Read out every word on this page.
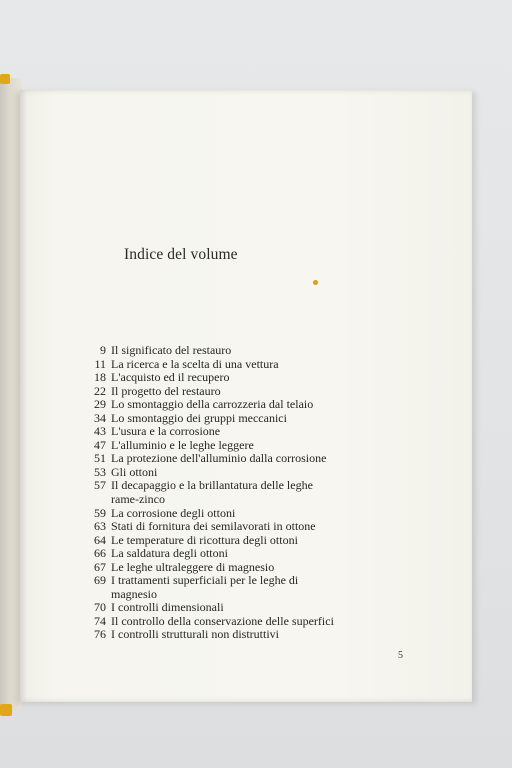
Indice del volume
9 Il significato del restauro
11 La ricerca e la scelta di una vettura
18 L'acquisto ed il recupero
22 Il progetto del restauro
29 Lo smontaggio della carrozzeria dal telaio
34 Lo smontaggio dei gruppi meccanici
43 L'usura e la corrosione
47 L'alluminio e le leghe leggere
51 La protezione dell'alluminio dalla corrosione
53 Gli ottoni
57 Il decapaggio e la brillantatura delle leghe
rame-zinco
59 La corrosione degli ottoni
63 Stati di fornitura dei semilavorati in ottone
64 Le temperature di ricottura degli ottoni
66 La saldatura degli ottoni
67 Le leghe ultraleggere di magnesio
69 I trattamenti superficiali per le leghe di
magnesio
70 I controlli dimensionali
74 Il controllo della conservazione delle superfici
76 I controlli strutturali non distruttivi
5
